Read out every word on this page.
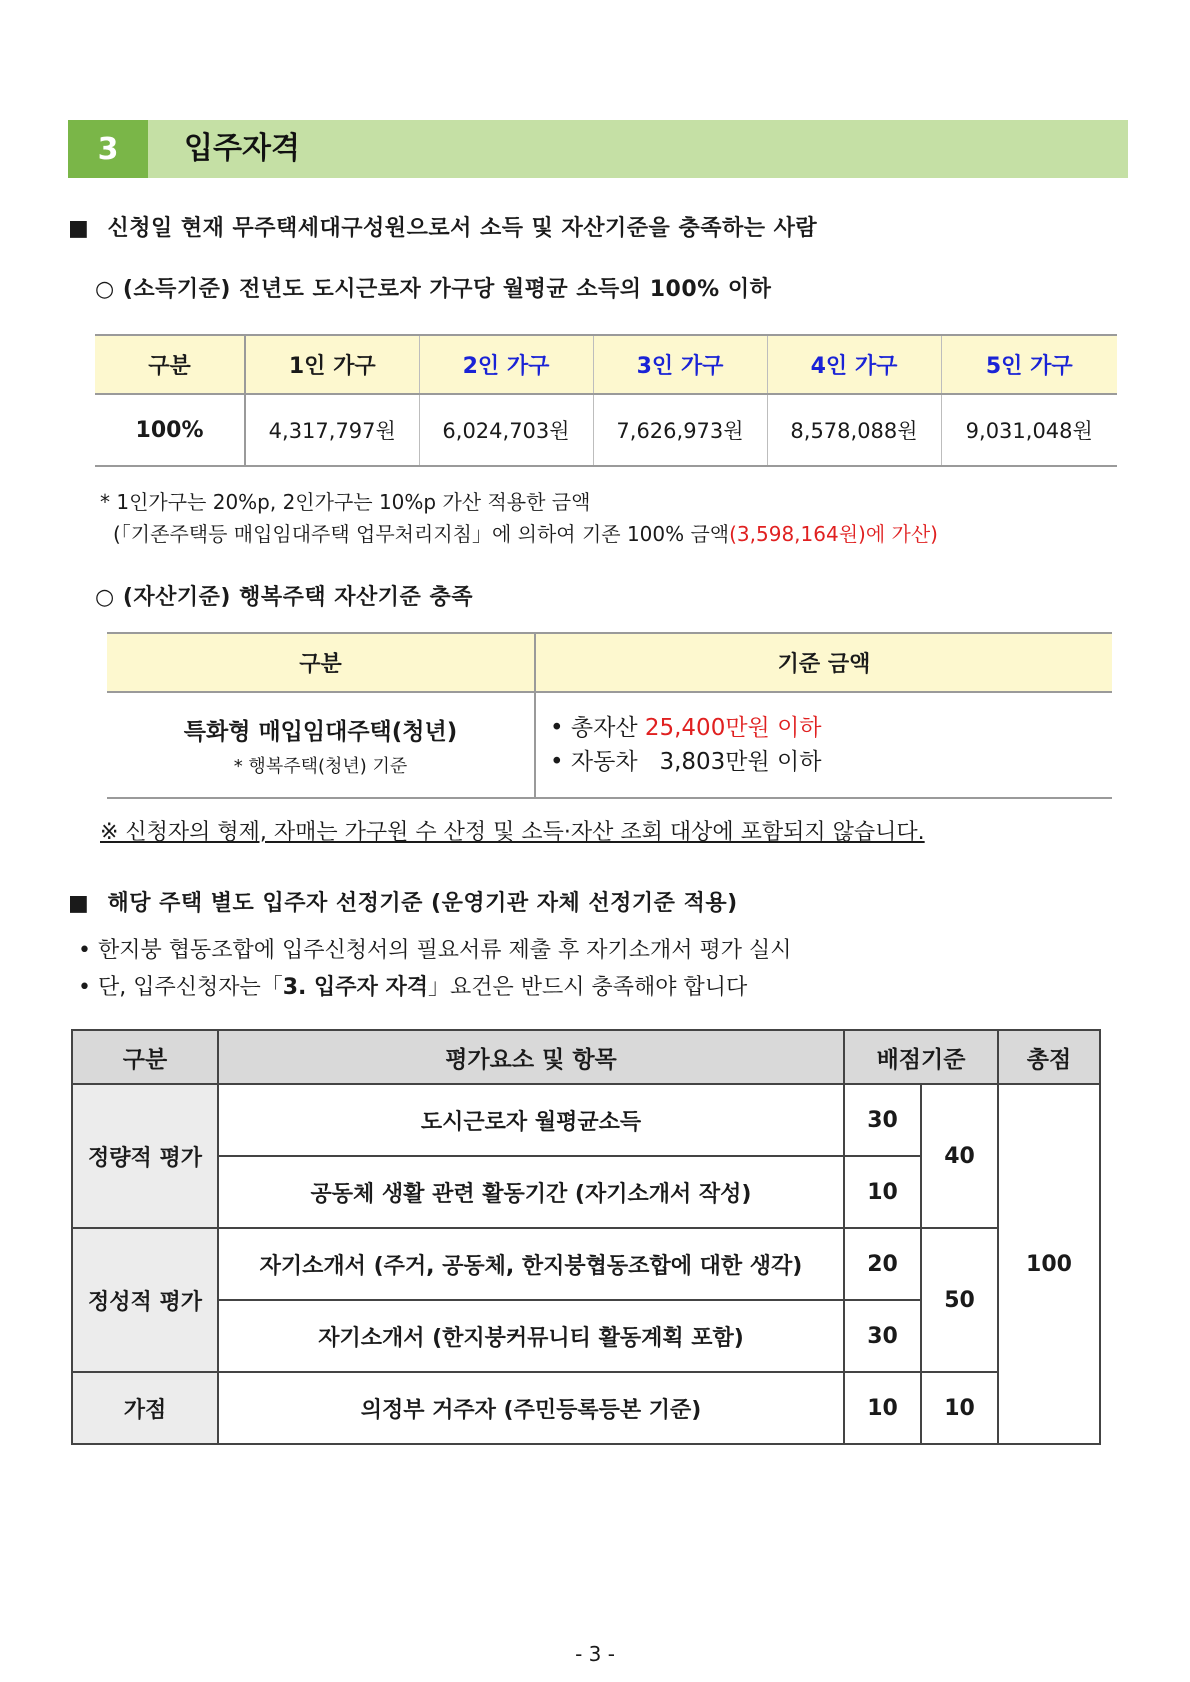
3	입주자격
■ 신청일 현재 무주택세대구성원으로서 소득 및 자산기준을 충족하는 사람
○ (소득기준) 전년도 도시근로자 가구당 월평균 소득의 100% 이하
구분	1인 가구	2인 가구	3인 가구	4인 가구	5인 가구
100%	4,317,797원	6,024,703원	7,626,973원	8,578,088원	9,031,048원
* 1인가구는 20%p, 2인가구는 10%p 가산 적용한 금액
(「기존주택등 매입임대주택 업무처리지침」에 의하여 기존 100% 금액(3,598,164원)에 가산)
○ (자산기준) 행복주택 자산기준 충족
구분	기준 금액

특화형 매입임대주택(청년)
* 행복주택(청년) 기준	• 총자산 25,400만원 이하
• 자동차   3,803만원 이하
※ 신청자의 형제, 자매는 가구원 수 산정 및 소득·자산 조회 대상에 포함되지 않습니다.
■ 해당 주택 별도 입주자 선정기준 (운영기관 자체 선정기준 적용)
• 한지붕 협동조합에 입주신청서의 필요서류 제출 후 자기소개서 평가 실시
• 단, 입주신청자는「3. 입주자 자격」요건은 반드시 충족해야 합니다
구분	평가요소 및 항목	배점기준		총점
정량적 평가	도시근로자 월평균소득	30	40	100
	공동체 생활 관련 활동기간 (자기소개서 작성)	10		
정성적 평가	자기소개서 (주거, 공동체, 한지붕협동조합에 대한 생각)	20	50	
	자기소개서 (한지붕커뮤니티 활동계획 포함)	30		
가점	의정부 거주자 (주민등록등본 기준)	10	10	
- 3 -
